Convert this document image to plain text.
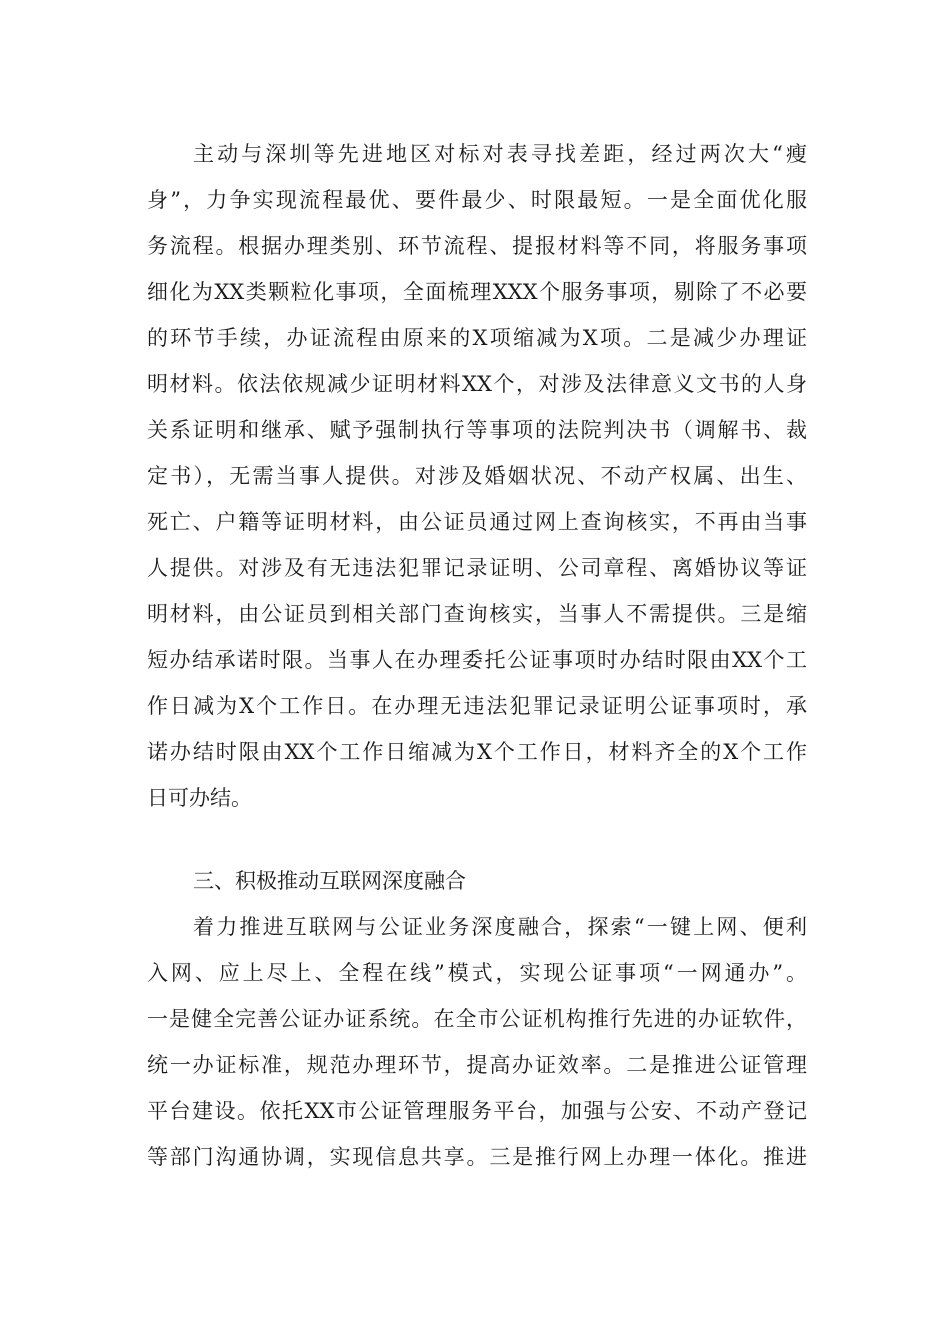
主动与深圳等先进地区对标对表寻找差距，经过两次大“瘦
身”，力争实现流程最优、要件最少、时限最短。一是全面优化服
务流程。根据办理类别、环节流程、提报材料等不同，将服务事项
细化为XX类颗粒化事项，全面梳理XXX个服务事项，剔除了不必要
的环节手续，办证流程由原来的X项缩减为X项。二是减少办理证
明材料。依法依规减少证明材料XX个，对涉及法律意义文书的人身
关系证明和继承、赋予强制执行等事项的法院判决书（调解书、裁
定书），无需当事人提供。对涉及婚姻状况、不动产权属、出生、
死亡、户籍等证明材料，由公证员通过网上查询核实，不再由当事
人提供。对涉及有无违法犯罪记录证明、公司章程、离婚协议等证
明材料，由公证员到相关部门查询核实，当事人不需提供。三是缩
短办结承诺时限。当事人在办理委托公证事项时办结时限由XX个工
作日减为X个工作日。在办理无违法犯罪记录证明公证事项时，承
诺办结时限由XX个工作日缩减为X个工作日，材料齐全的X个工作
日可办结。
三、积极推动互联网深度融合
着力推进互联网与公证业务深度融合，探索“一键上网、便利
入网、应上尽上、全程在线”模式，实现公证事项“一网通办”。
一是健全完善公证办证系统。在全市公证机构推行先进的办证软件，
统一办证标准，规范办理环节，提高办证效率。二是推进公证管理
平台建设。依托XX市公证管理服务平台，加强与公安、不动产登记
等部门沟通协调，实现信息共享。三是推行网上办理一体化。推进
